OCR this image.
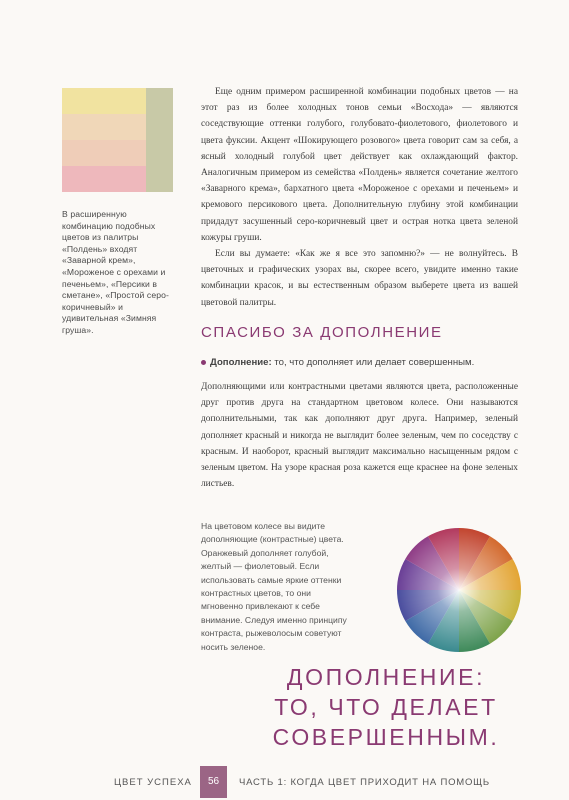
В расширенную комбинацию подобных цветов из палитры «Полдень» входят «Заварной крем», «Мороженое с орехами и печеньем», «Персики в сметане», «Простой серо-коричневый» и удивительная «Зимняя груша».

Еще одним примером расширенной комбинации подобных цветов — на этот раз из более холодных тонов семьи «Восхода» — являются соседствующие оттенки голубого, голубовато-фиолетового, фиолетового и цвета фуксии. Акцент «Шокирующего розового» цвета говорит сам за себя, а ясный холодный голубой цвет действует как охлаждающий фактор. Аналогичным примером из семейства «Полдень» является сочетание желтого «Заварного крема», бархатного цвета «Мороженое с орехами и печеньем» и кремового персикового цвета. Дополнительную глубину этой комбинации придадут засушенный серо-коричневый цвет и острая нотка цвета зеленой кожуры груши.

Если вы думаете: «Как же я все это запомню?» — не волнуйтесь. В цветочных и графических узорах вы, скорее всего, увидите именно такие комбинации красок, и вы естественным образом выберете цвета из вашей цветовой палитры.

СПАСИБО ЗА ДОПОЛНЕНИЕ
Дополнение: то, что дополняет или делает совершенным.

Дополняющими или контрастными цветами являются цвета, расположенные друг против друга на стандартном цветовом колесе. Они называются дополнительными, так как дополняют друг друга. Например, зеленый дополняет красный и никогда не выглядит более зеленым, чем по соседству с красным. И наоборот, красный выглядит максимально насыщенным рядом с зеленым цветом. На узоре красная роза кажется еще краснее на фоне зеленых листьев.

На цветовом колесе вы видите дополняющие (контрастные) цвета. Оранжевый дополняет голубой, желтый — фиолетовый. Если использовать самые яркие оттенки контрастных цветов, то они мгновенно привлекают к себе внимание. Следуя именно принципу контраста, рыжеволосым советуют носить зеленое.
ДОПОЛНЕНИЕ:
ТО, ЧТО ДЕЛАЕТ СОВЕРШЕННЫМ.
ЦВЕТ УСПЕХА	56	ЧАСТЬ 1: КОГДА ЦВЕТ ПРИХОДИТ НА ПОМОЩЬ
